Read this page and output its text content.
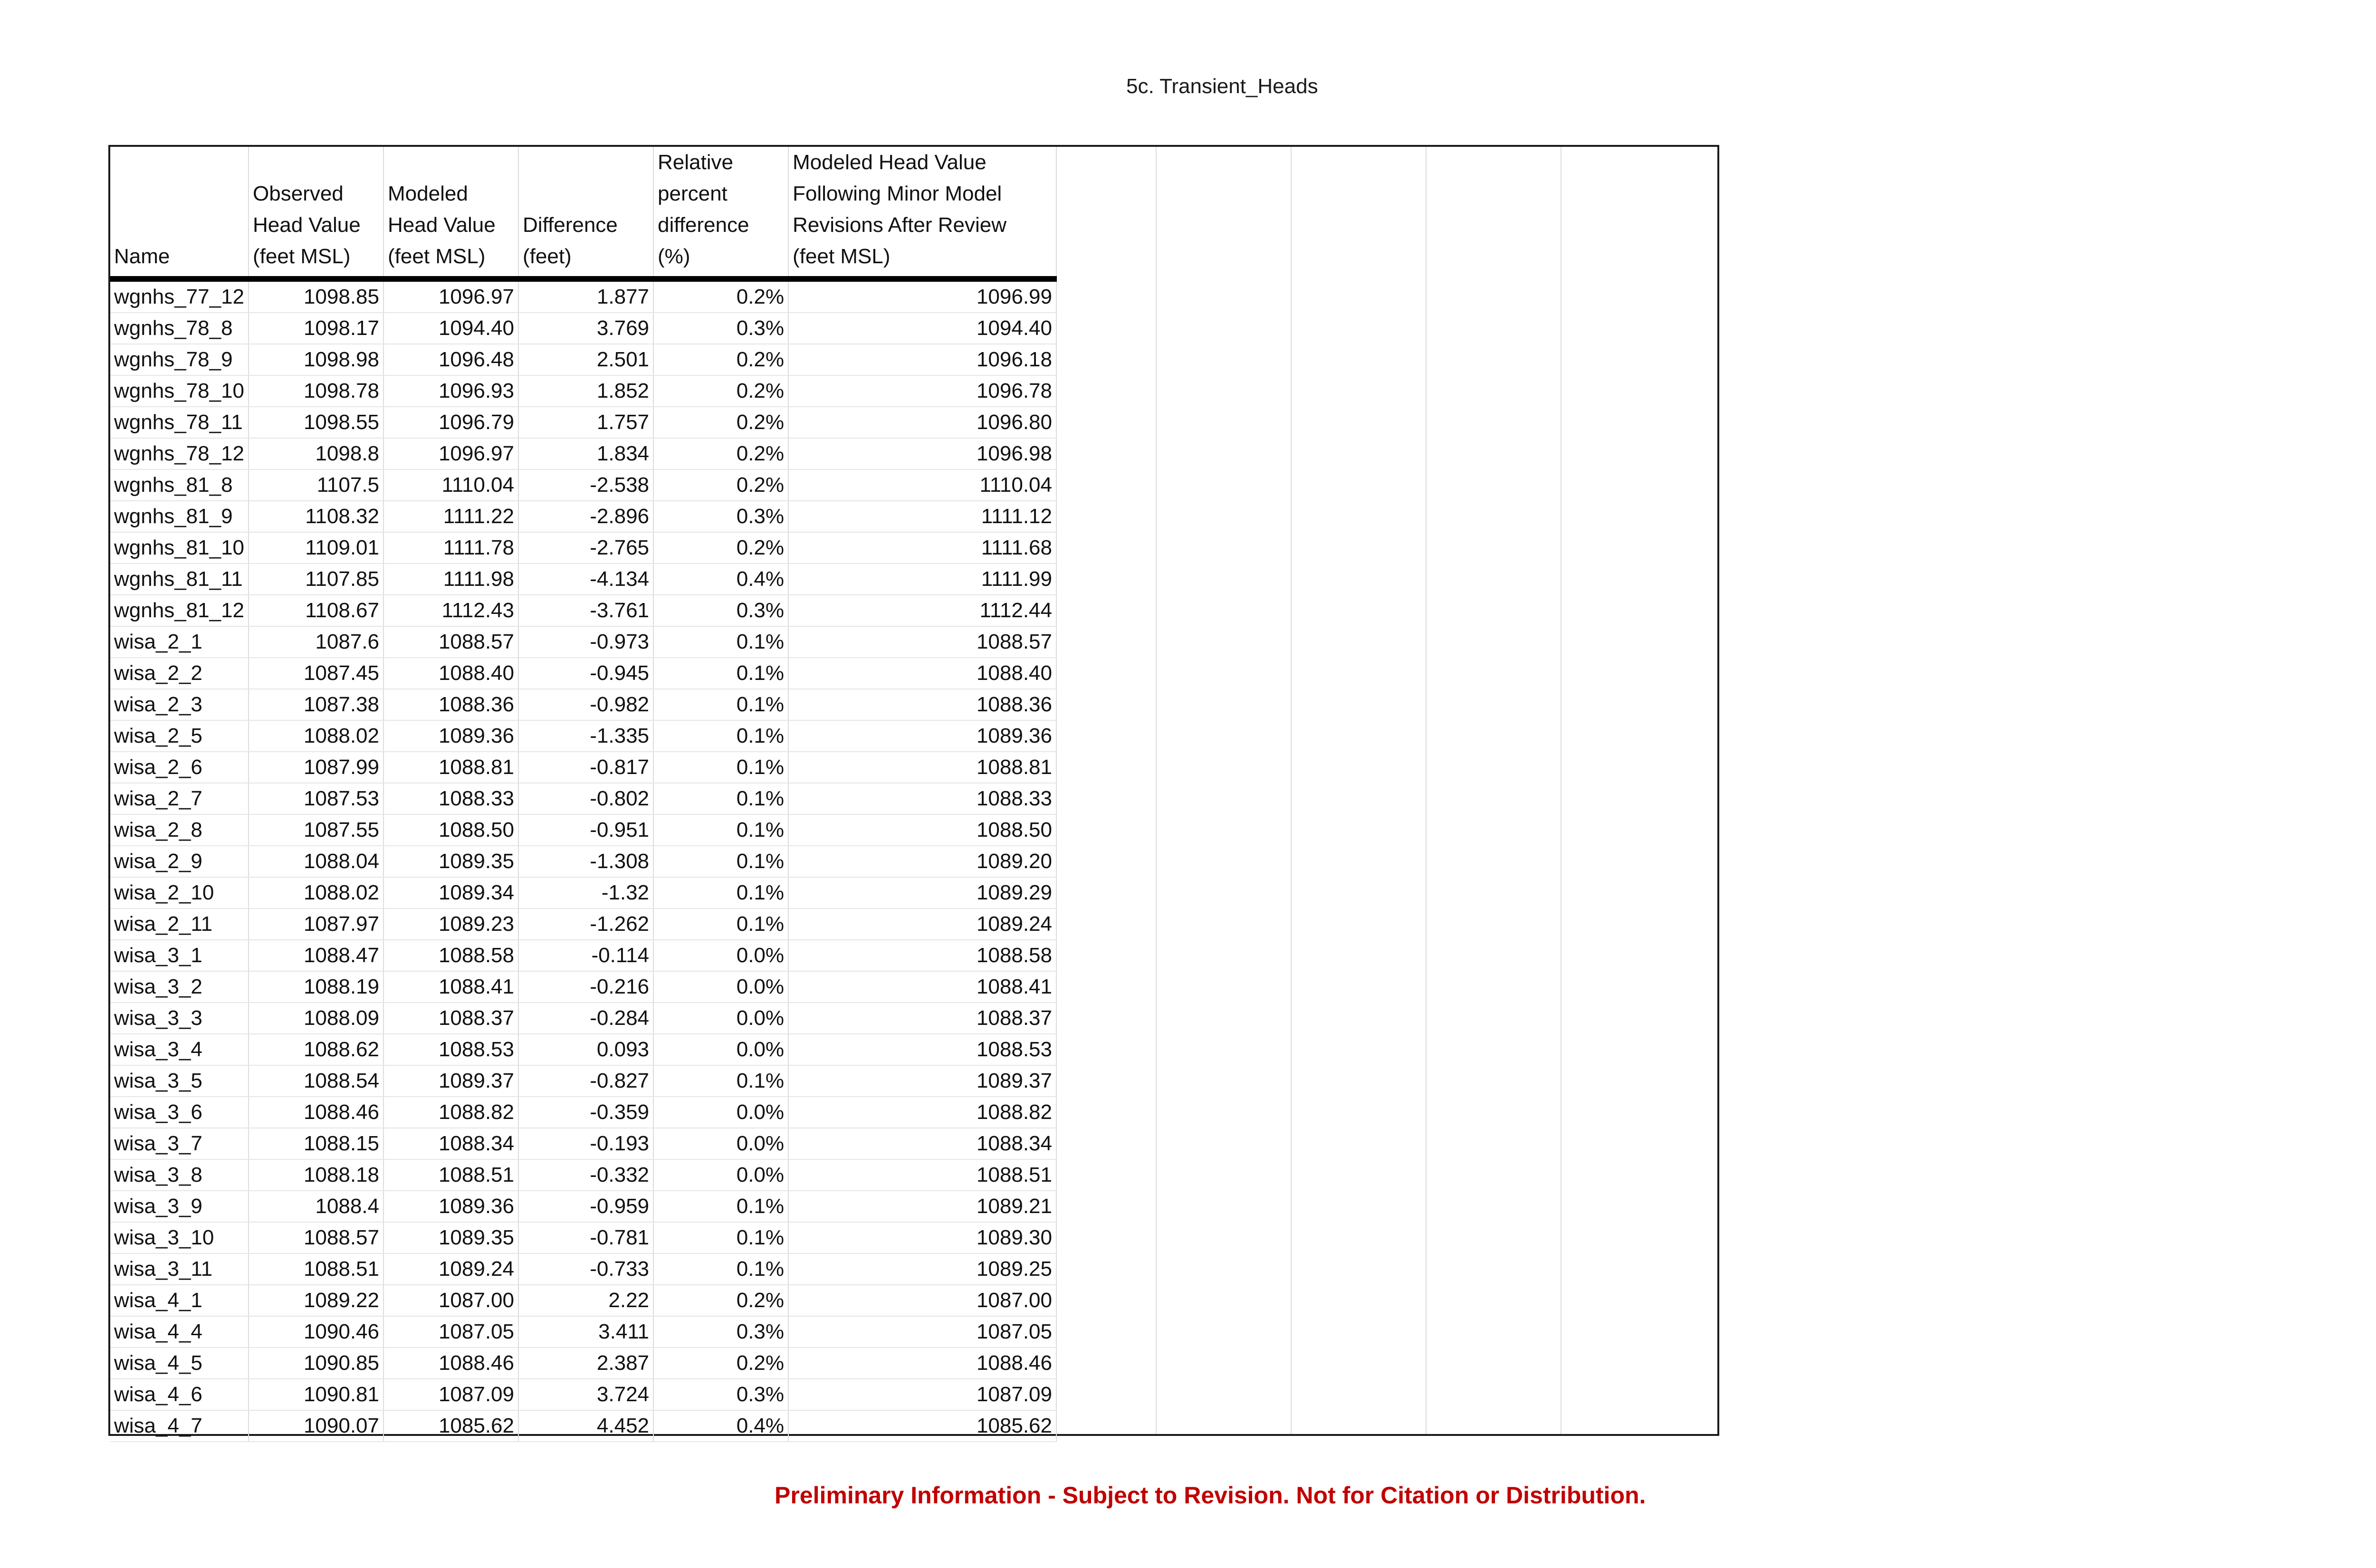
5c. Transient_Heads
Name	Observed
Head Value
(feet MSL)	Modeled
Head Value
(feet MSL)	Difference
(feet)	Relative
percent
difference
(%)	Modeled Head Value
Following Minor Model
Revisions After Review
(feet MSL)
wgnhs_77_12	1098.85	1096.97	1.877	0.2%	1096.99
wgnhs_78_8	1098.17	1094.40	3.769	0.3%	1094.40
wgnhs_78_9	1098.98	1096.48	2.501	0.2%	1096.18
wgnhs_78_10	1098.78	1096.93	1.852	0.2%	1096.78
wgnhs_78_11	1098.55	1096.79	1.757	0.2%	1096.80
wgnhs_78_12	1098.8	1096.97	1.834	0.2%	1096.98
wgnhs_81_8	1107.5	1110.04	-2.538	0.2%	1110.04
wgnhs_81_9	1108.32	1111.22	-2.896	0.3%	1111.12
wgnhs_81_10	1109.01	1111.78	-2.765	0.2%	1111.68
wgnhs_81_11	1107.85	1111.98	-4.134	0.4%	1111.99
wgnhs_81_12	1108.67	1112.43	-3.761	0.3%	1112.44
wisa_2_1	1087.6	1088.57	-0.973	0.1%	1088.57
wisa_2_2	1087.45	1088.40	-0.945	0.1%	1088.40
wisa_2_3	1087.38	1088.36	-0.982	0.1%	1088.36
wisa_2_5	1088.02	1089.36	-1.335	0.1%	1089.36
wisa_2_6	1087.99	1088.81	-0.817	0.1%	1088.81
wisa_2_7	1087.53	1088.33	-0.802	0.1%	1088.33
wisa_2_8	1087.55	1088.50	-0.951	0.1%	1088.50
wisa_2_9	1088.04	1089.35	-1.308	0.1%	1089.20
wisa_2_10	1088.02	1089.34	-1.32	0.1%	1089.29
wisa_2_11	1087.97	1089.23	-1.262	0.1%	1089.24
wisa_3_1	1088.47	1088.58	-0.114	0.0%	1088.58
wisa_3_2	1088.19	1088.41	-0.216	0.0%	1088.41
wisa_3_3	1088.09	1088.37	-0.284	0.0%	1088.37
wisa_3_4	1088.62	1088.53	0.093	0.0%	1088.53
wisa_3_5	1088.54	1089.37	-0.827	0.1%	1089.37
wisa_3_6	1088.46	1088.82	-0.359	0.0%	1088.82
wisa_3_7	1088.15	1088.34	-0.193	0.0%	1088.34
wisa_3_8	1088.18	1088.51	-0.332	0.0%	1088.51
wisa_3_9	1088.4	1089.36	-0.959	0.1%	1089.21
wisa_3_10	1088.57	1089.35	-0.781	0.1%	1089.30
wisa_3_11	1088.51	1089.24	-0.733	0.1%	1089.25
wisa_4_1	1089.22	1087.00	2.22	0.2%	1087.00
wisa_4_4	1090.46	1087.05	3.411	0.3%	1087.05
wisa_4_5	1090.85	1088.46	2.387	0.2%	1088.46
wisa_4_6	1090.81	1087.09	3.724	0.3%	1087.09
wisa_4_7	1090.07	1085.62	4.452	0.4%	1085.62
Preliminary Information - Subject to Revision. Not for Citation or Distribution.
